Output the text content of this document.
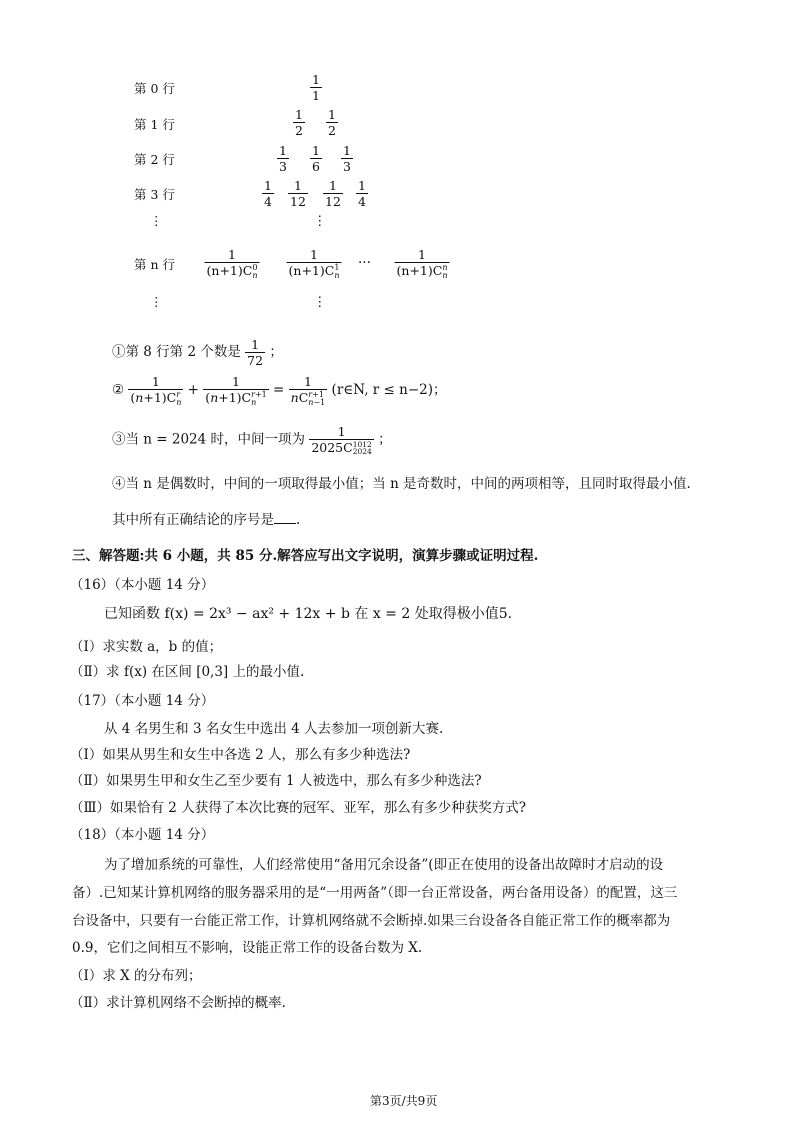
第 0 行
第 1 行
第 2 行
第 3 行
⋮
第 n 行
⋮
$\frac{1}{1}$
$\frac{1}{2} \frac{1}{2}$
$\frac{1}{3} \frac{1}{6} \frac{1}{3}$
$\frac{1}{4} \frac{1}{12} \frac{1}{12} \frac{1}{4}$
⋮
1
(n+1)C 0
n 1
(n+1)C 1
n ···
1
(n+1)C n
n
⋮
①第 8 行第 2 个数是 $\frac{1}{72}$ ；
② 1
(n+1)C r
n + 1
(n+1)C r+1
n = 1
nC r+1
n−1 (r∈N, r ≤ n−2)；
③当 n = 2024 时，中间一项为 1
2025C 1012
2024 ；
④当 n 是偶数时，中间的一项取得最小值；当 n 是奇数时，中间的两项相等，且同时取得最小值.
其中所有正确结论的序号是 .
三、解答题:共 6 小题，共 85 分.解答应写出文字说明，演算步骤或证明过程.
（16）（本小题 14 分）
已知函数 f(x) = 2x³ − ax² + 12x + b 在 x = 2 处取得极小值5.
（Ⅰ）求实数 a，b 的值；
（Ⅱ）求 f(x) 在区间 [0,3] 上的最小值.
（17）（本小题 14 分）
从 4 名男生和 3 名女生中选出 4 人去参加一项创新大赛.
（Ⅰ）如果从男生和女生中各选 2 人，那么有多少种选法?
（Ⅱ）如果男生甲和女生乙至少要有 1 人被选中，那么有多少种选法?
（Ⅲ）如果恰有 2 人获得了本次比赛的冠军、亚军，那么有多少种获奖方式?
（18）（本小题 14 分）
为了增加系统的可靠性，人们经常使用“备用冗余设备”(即正在使用的设备出故障时才启动的设
备）.已知某计算机网络的服务器采用的是“一用两备”（即一台正常设备，两台备用设备）的配置，这三
台设备中，只要有一台能正常工作，计算机网络就不会断掉.如果三台设备各自能正常工作的概率都为
0.9，它们之间相互不影响，设能正常工作的设备台数为 X.
（Ⅰ）求 X 的分布列；
（Ⅱ）求计算机网络不会断掉的概率.
第3页/共9页
